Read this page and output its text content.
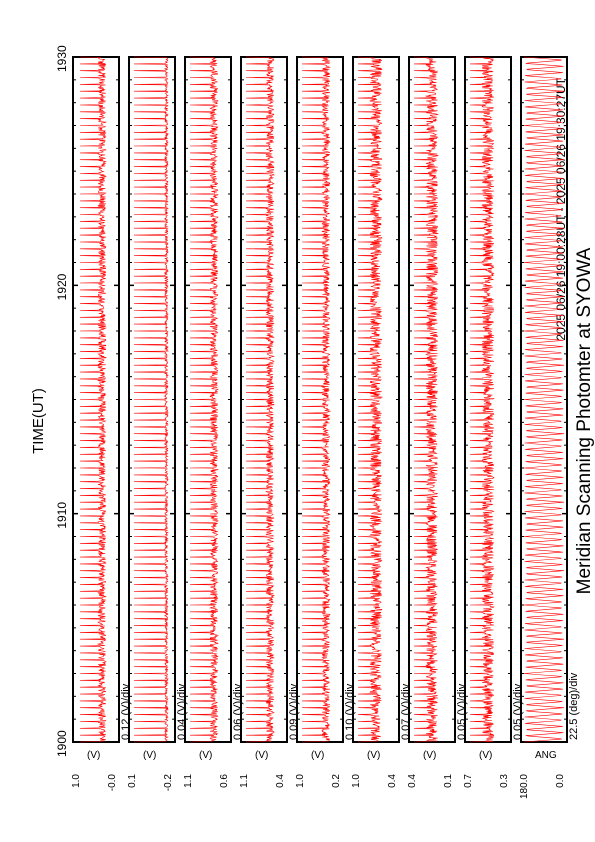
Meridian Scanning Photomter at SYOWA
2025 06/26 19:00:28UT - 2025 06/26 19:30:27UT
TIME(UT)
22.5 (deg)/div
180.0	0.0
ANG
0.05 (V)/div
0.7	0.3
(V)
0.05 (V)/div
0.4	0.1
(V)
0.07 (V)/div
1.0	0.4
(V)
0.10 (V)/div
1.0	0.2
(V)
0.09 (V)/div
1.1	0.4
(V)
0.06 (V)/div
1.1	0.6
(V)
0.04 (V)/div
0.1	-0.2
(V)
0.12 (V)/div
1.0	-0.0
(V)
1900
1910
1920
1930
